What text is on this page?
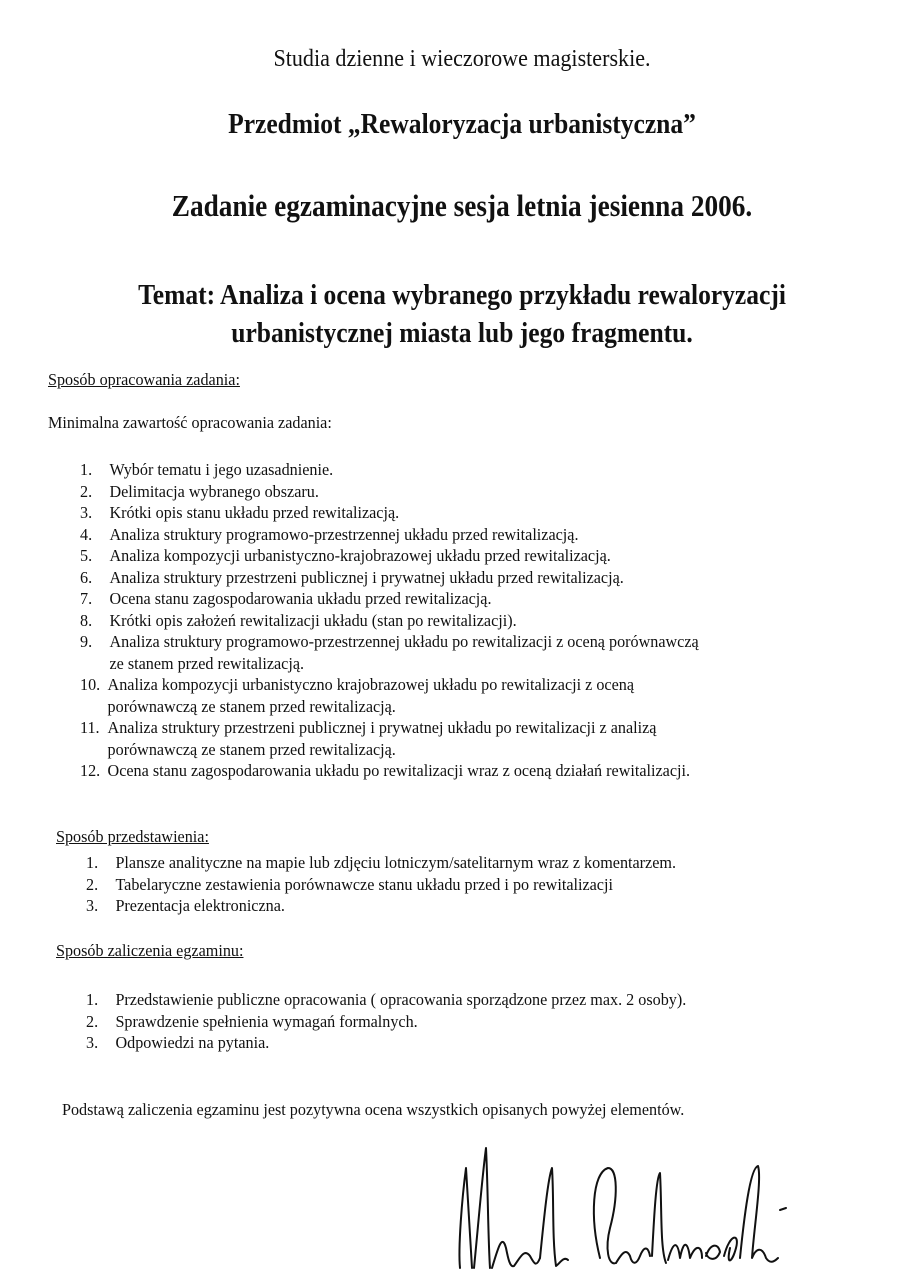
Studia dzienne i wieczorowe magisterskie.
Przedmiot „Rewaloryzacja urbanistyczna”
Zadanie egzaminacyjne sesja letnia jesienna 2006.
Temat: Analiza i ocena wybranego przykładu rewaloryzacji
urbanistycznej miasta lub jego fragmentu.
Sposób opracowania zadania:
Minimalna zawartość opracowania zadania:
1.	Wybór tematu i jego uzasadnienie.
2.	Delimitacja wybranego obszaru.
3.	Krótki opis stanu układu przed rewitalizacją.
4.	Analiza struktury programowo-przestrzennej układu przed rewitalizacją.
5.	Analiza kompozycji urbanistyczno-krajobrazowej układu przed rewitalizacją.
6.	Analiza struktury przestrzeni publicznej i prywatnej układu przed rewitalizacją.
7.	Ocena stanu zagospodarowania układu przed rewitalizacją.
8.	Krótki opis założeń rewitalizacji układu (stan po rewitalizacji).
9.	Analiza struktury programowo-przestrzennej układu po rewitalizacji z oceną porównawczą
ze stanem przed rewitalizacją.
10. Analiza kompozycji urbanistyczno krajobrazowej układu po rewitalizacji z oceną
porównawczą ze stanem przed rewitalizacją.
11. Analiza struktury przestrzeni publicznej i prywatnej układu po rewitalizacji z analizą
porównawczą ze stanem przed rewitalizacją.
12. Ocena stanu zagospodarowania układu po rewitalizacji wraz z oceną działań rewitalizacji.
Sposób przedstawienia:
1.	Plansze analityczne na mapie lub zdjęciu lotniczym/satelitarnym wraz z komentarzem.
2.	Tabelaryczne zestawienia porównawcze stanu układu przed i po rewitalizacji
3.	Prezentacja elektroniczna.
Sposób zaliczenia egzaminu:
1.	Przedstawienie publiczne opracowania ( opracowania sporządzone przez max. 2 osoby).
2.	Sprawdzenie spełnienia wymagań formalnych.
3.	Odpowiedzi na pytania.
Podstawą zaliczenia egzaminu jest pozytywna ocena wszystkich opisanych powyżej elementów.
